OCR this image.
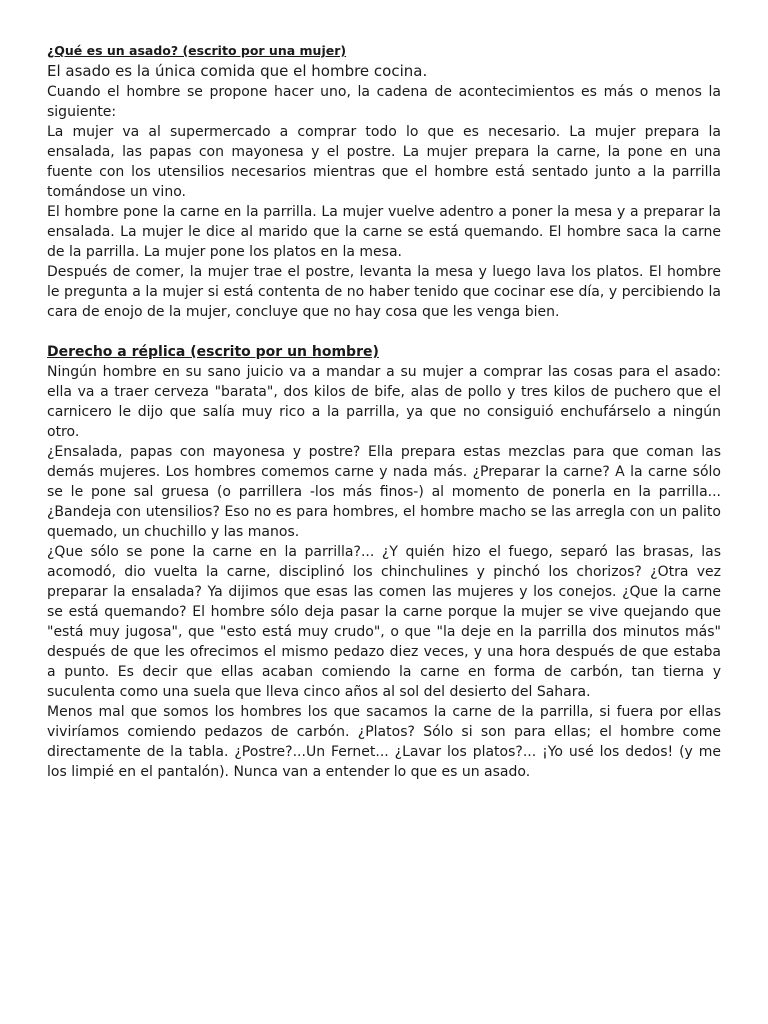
¿Qué es un asado? (escrito por una mujer)

El asado es la única comida que el hombre cocina.

Cuando el hombre se propone hacer uno, la cadena de acontecimientos es más o menos la siguiente:

La mujer va al supermercado a comprar todo lo que es necesario. La mujer prepara la ensalada, las papas con mayonesa y el postre. La mujer prepara la carne, la pone en una fuente con los utensilios necesarios mientras que el hombre está sentado junto a la parrilla tomándose un vino.

El hombre pone la carne en la parrilla. La mujer vuelve adentro a poner la mesa y a preparar la ensalada. La mujer le dice al marido que la carne se está quemando. El hombre saca la carne de la parrilla. La mujer pone los platos en la mesa.

Después de comer, la mujer trae el postre, levanta la mesa y luego lava los platos. El hombre le pregunta a la mujer si está contenta de no haber tenido que cocinar ese día, y percibiendo la cara de enojo de la mujer, concluye que no hay cosa que les venga bien.

Derecho a réplica (escrito por un hombre)

Ningún hombre en su sano juicio va a mandar a su mujer a comprar las cosas para el asado: ella va a traer cerveza "barata", dos kilos de bife, alas de pollo y tres kilos de puchero que el carnicero le dijo que salía muy rico a la parrilla, ya que no consiguió enchufárselo a ningún otro.

¿Ensalada, papas con mayonesa y postre? Ella prepara estas mezclas para que coman las demás mujeres. Los hombres comemos carne y nada más. ¿Preparar la carne? A la carne sólo se le pone sal gruesa (o parrillera -los más finos-) al momento de ponerla en la parrilla... ¿Bandeja con utensilios? Eso no es para hombres, el hombre macho se las arregla con un palito quemado, un chuchillo y las manos.

¿Que sólo se pone la carne en la parrilla?... ¿Y quién hizo el fuego, separó las brasas, las acomodó, dio vuelta la carne, disciplinó los chinchulines y pinchó los chorizos? ¿Otra vez preparar la ensalada? Ya dijimos que esas las comen las mujeres y los conejos. ¿Que la carne se está quemando? El hombre sólo deja pasar la carne porque la mujer se vive quejando que "está muy jugosa", que "esto está muy crudo", o que "la deje en la parrilla dos minutos más" después de que les ofrecimos el mismo pedazo diez veces, y una hora después de que estaba a punto. Es decir que ellas acaban comiendo la carne en forma de carbón, tan tierna y suculenta como una suela que lleva cinco años al sol del desierto del Sahara.

Menos mal que somos los hombres los que sacamos la carne de la parrilla, si fuera por ellas viviríamos comiendo pedazos de carbón. ¿Platos? Sólo si son para ellas; el hombre come directamente de la tabla. ¿Postre?...Un Fernet... ¿Lavar los platos?... ¡Yo usé los dedos! (y me los limpié en el pantalón). Nunca van a entender lo que es un asado.
